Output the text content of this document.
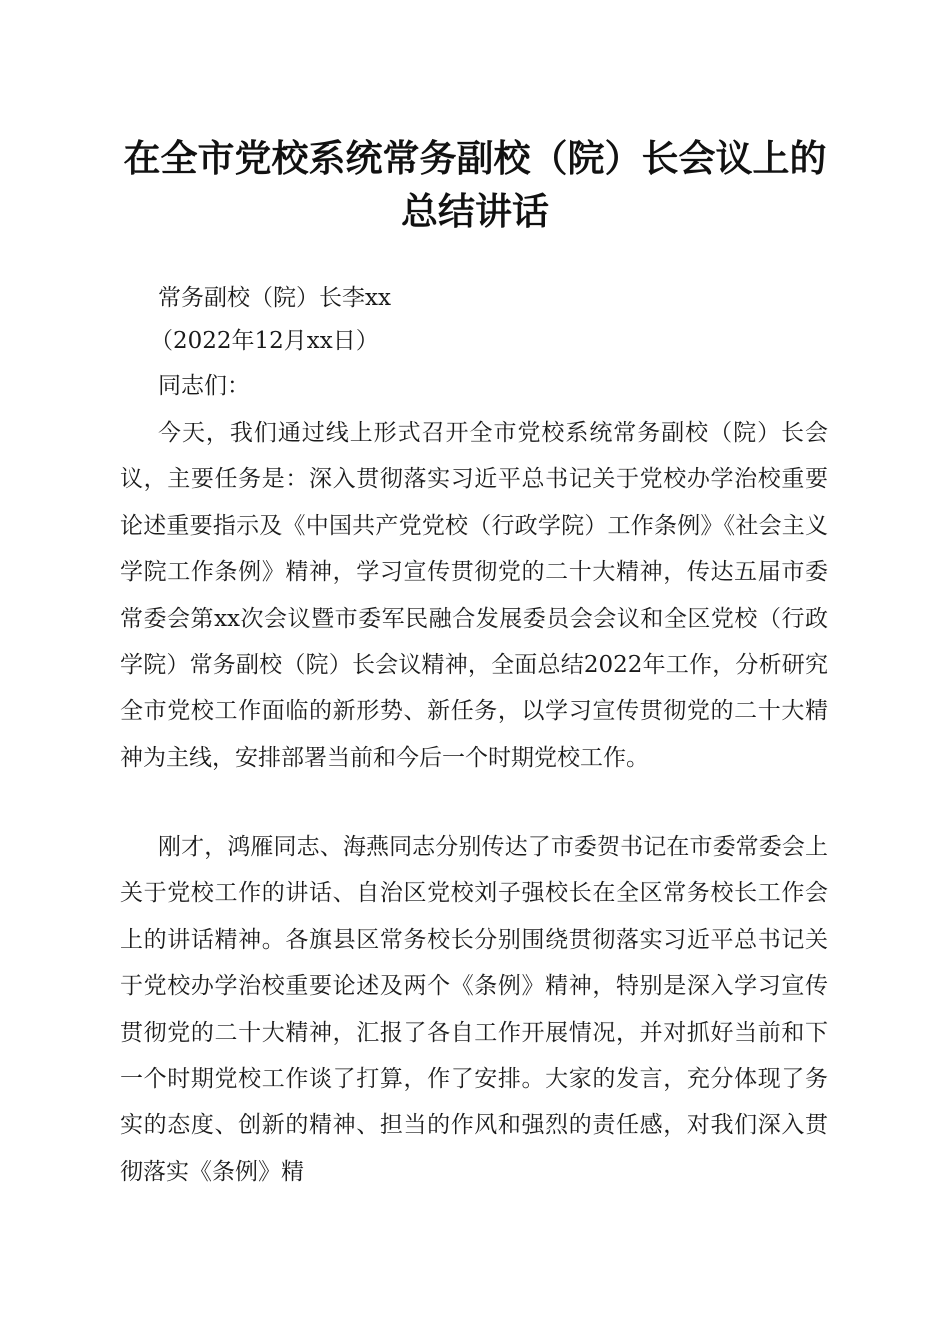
在全市党校系统常务副校（院）长会议上的总结讲话

常务副校（院）长李xx

（2022年12月xx日）

同志们：

今天，我们通过线上形式召开全市党校系统常务副校（院）长会议，主要任务是：深入贯彻落实习近平总书记关于党校办学治校重要论述重要指示及《中国共产党党校（行政学院）工作条例》《社会主义学院工作条例》精神，学习宣传贯彻党的二十大精神，传达五届市委常委会第xx次会议暨市委军民融合发展委员会会议和全区党校（行政学院）常务副校（院）长会议精神，全面总结2022年工作，分析研究全市党校工作面临的新形势、新任务，以学习宣传贯彻党的二十大精神为主线，安排部署当前和今后一个时期党校工作。

刚才，鸿雁同志、海燕同志分别传达了市委贺书记在市委常委会上关于党校工作的讲话、自治区党校刘子强校长在全区常务校长工作会上的讲话精神。各旗县区常务校长分别围绕贯彻落实习近平总书记关于党校办学治校重要论述及两个《条例》精神，特别是深入学习宣传贯彻党的二十大精神，汇报了各自工作开展情况，并对抓好当前和下一个时期党校工作谈了打算，作了安排。大家的发言，充分体现了务实的态度、创新的精神、担当的作风和强烈的责任感，对我们深入贯彻落实《条例》精
